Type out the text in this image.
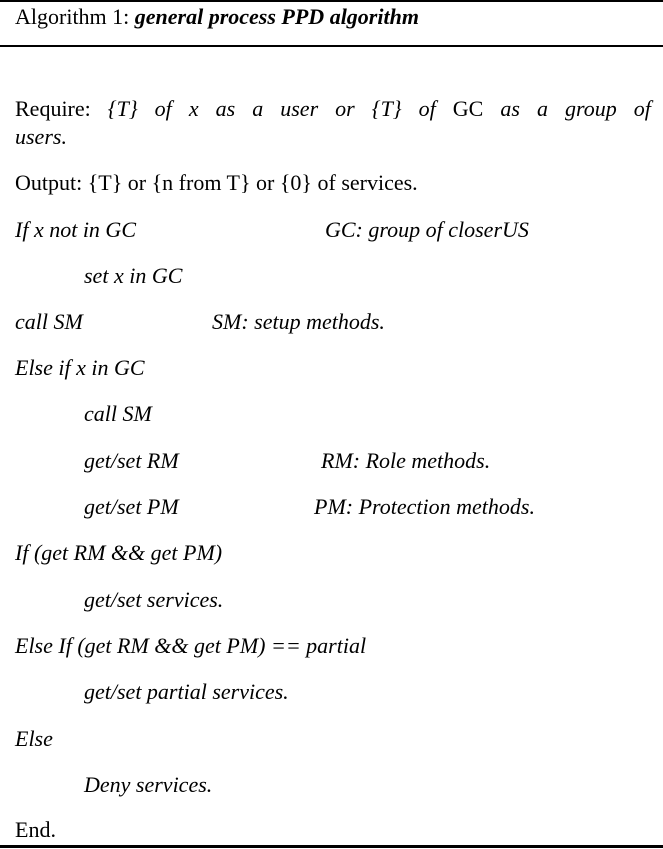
Algorithm 1: general process PPD algorithm
Require: {T} of x as a user or {T} of GC as a group of
users.
Output: {T} or {n from T} or {0} of services.
If x not in GC	GC: group of closerUS
set x in GC
call SM	SM: setup methods.
Else if x in GC
call SM
get/set RM	RM: Role methods.
get/set PM	PM: Protection methods.
If (get RM && get PM)
get/set services.
Else If (get RM && get PM) == partial
get/set partial services.
Else
Deny services.
End.
